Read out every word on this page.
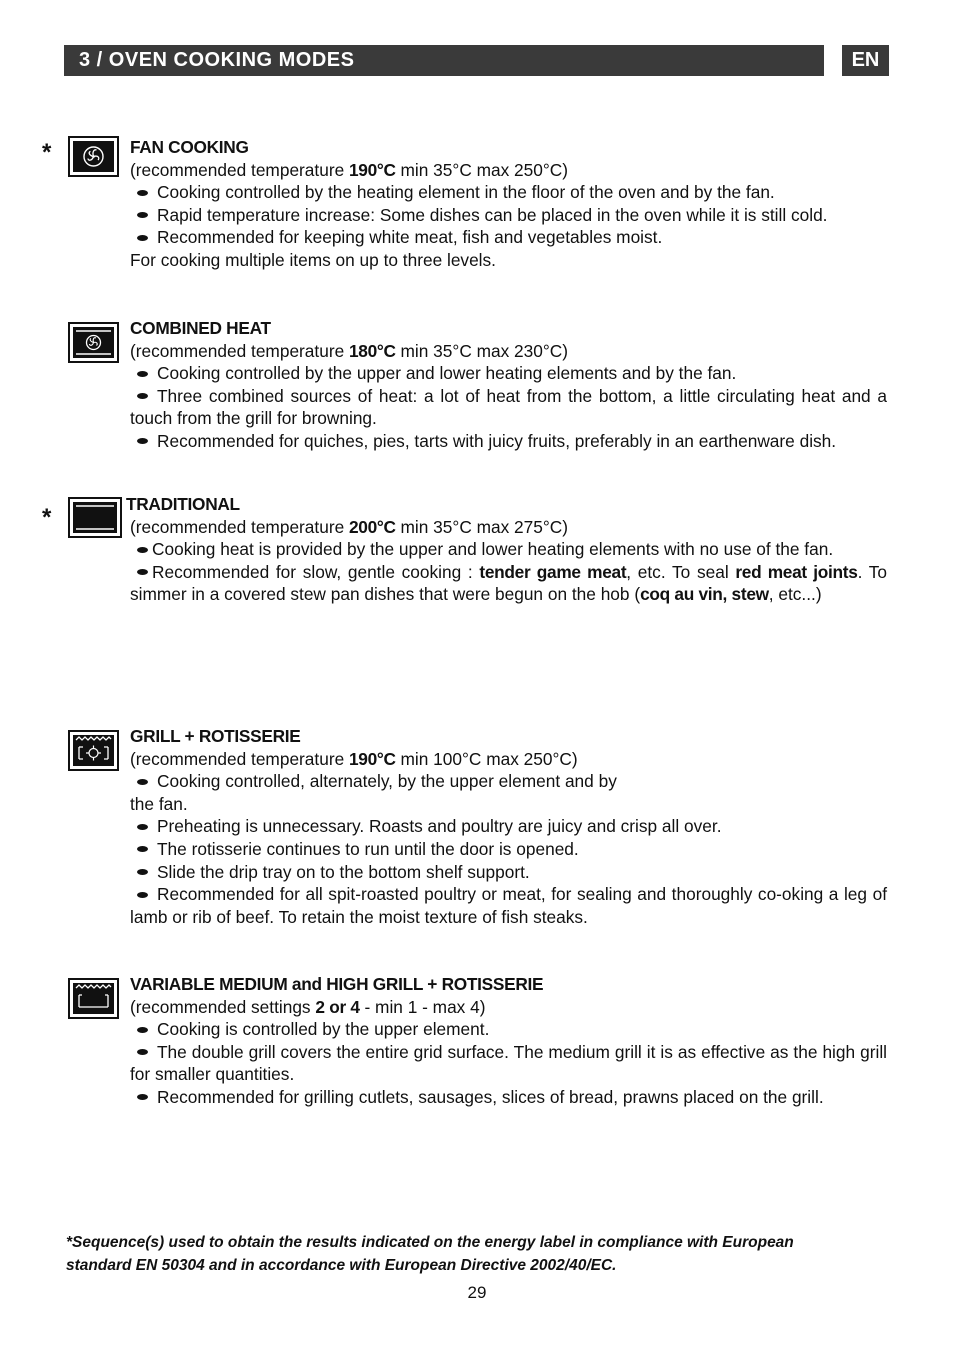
3 / OVEN COOKING MODES	EN
*	FAN COOKING
(recommended temperature 190°C min 35°C max 250°C)
Cooking controlled by the heating element in the floor of the oven and by the fan.
Rapid temperature increase: Some dishes can be placed in the oven while it is still cold.
Recommended for keeping white meat, fish and vegetables moist.
For cooking multiple items on up to three levels.
COMBINED HEAT
(recommended temperature 180°C min 35°C max 230°C)
Cooking controlled by the upper and lower heating elements and by the fan.
Three combined sources of heat: a lot of heat from the bottom, a little circulating heat and a touch from the grill for browning.
Recommended for quiches, pies, tarts with juicy fruits, preferably in an earthenware dish.
*	TRADITIONAL
(recommended temperature 200°C min 35°C max 275°C)
Cooking heat is provided by the upper and lower heating elements with no use of the fan.
Recommended for slow, gentle cooking : tender game meat, etc. To seal red meat joints. To simmer in a covered stew pan dishes that were begun on the hob (coq au vin, stew, etc...)
GRILL + ROTISSERIE
(recommended temperature 190°C min 100°C max 250°C)
Cooking controlled, alternately, by the upper element and by
the fan.
Preheating is unnecessary. Roasts and poultry are juicy and crisp all over.
The rotisserie continues to run until the door is opened.
Slide the drip tray on to the bottom shelf support.
Recommended for all spit-roasted poultry or meat, for sealing and thoroughly co-oking a leg of lamb or rib of beef. To retain the moist texture of fish steaks.
VARIABLE MEDIUM and HIGH GRILL + ROTISSERIE
(recommended settings 2 or 4 - min 1 - max 4)
Cooking is controlled by the upper element.
The double grill covers the entire grid surface. The medium grill it is as effective as the high grill for smaller quantities.
Recommended for grilling cutlets, sausages, slices of bread, prawns placed on the grill.
*Sequence(s) used to obtain the results indicated on the energy label in compliance with European
standard EN 50304 and in accordance with European Directive 2002/40/EC.
29
